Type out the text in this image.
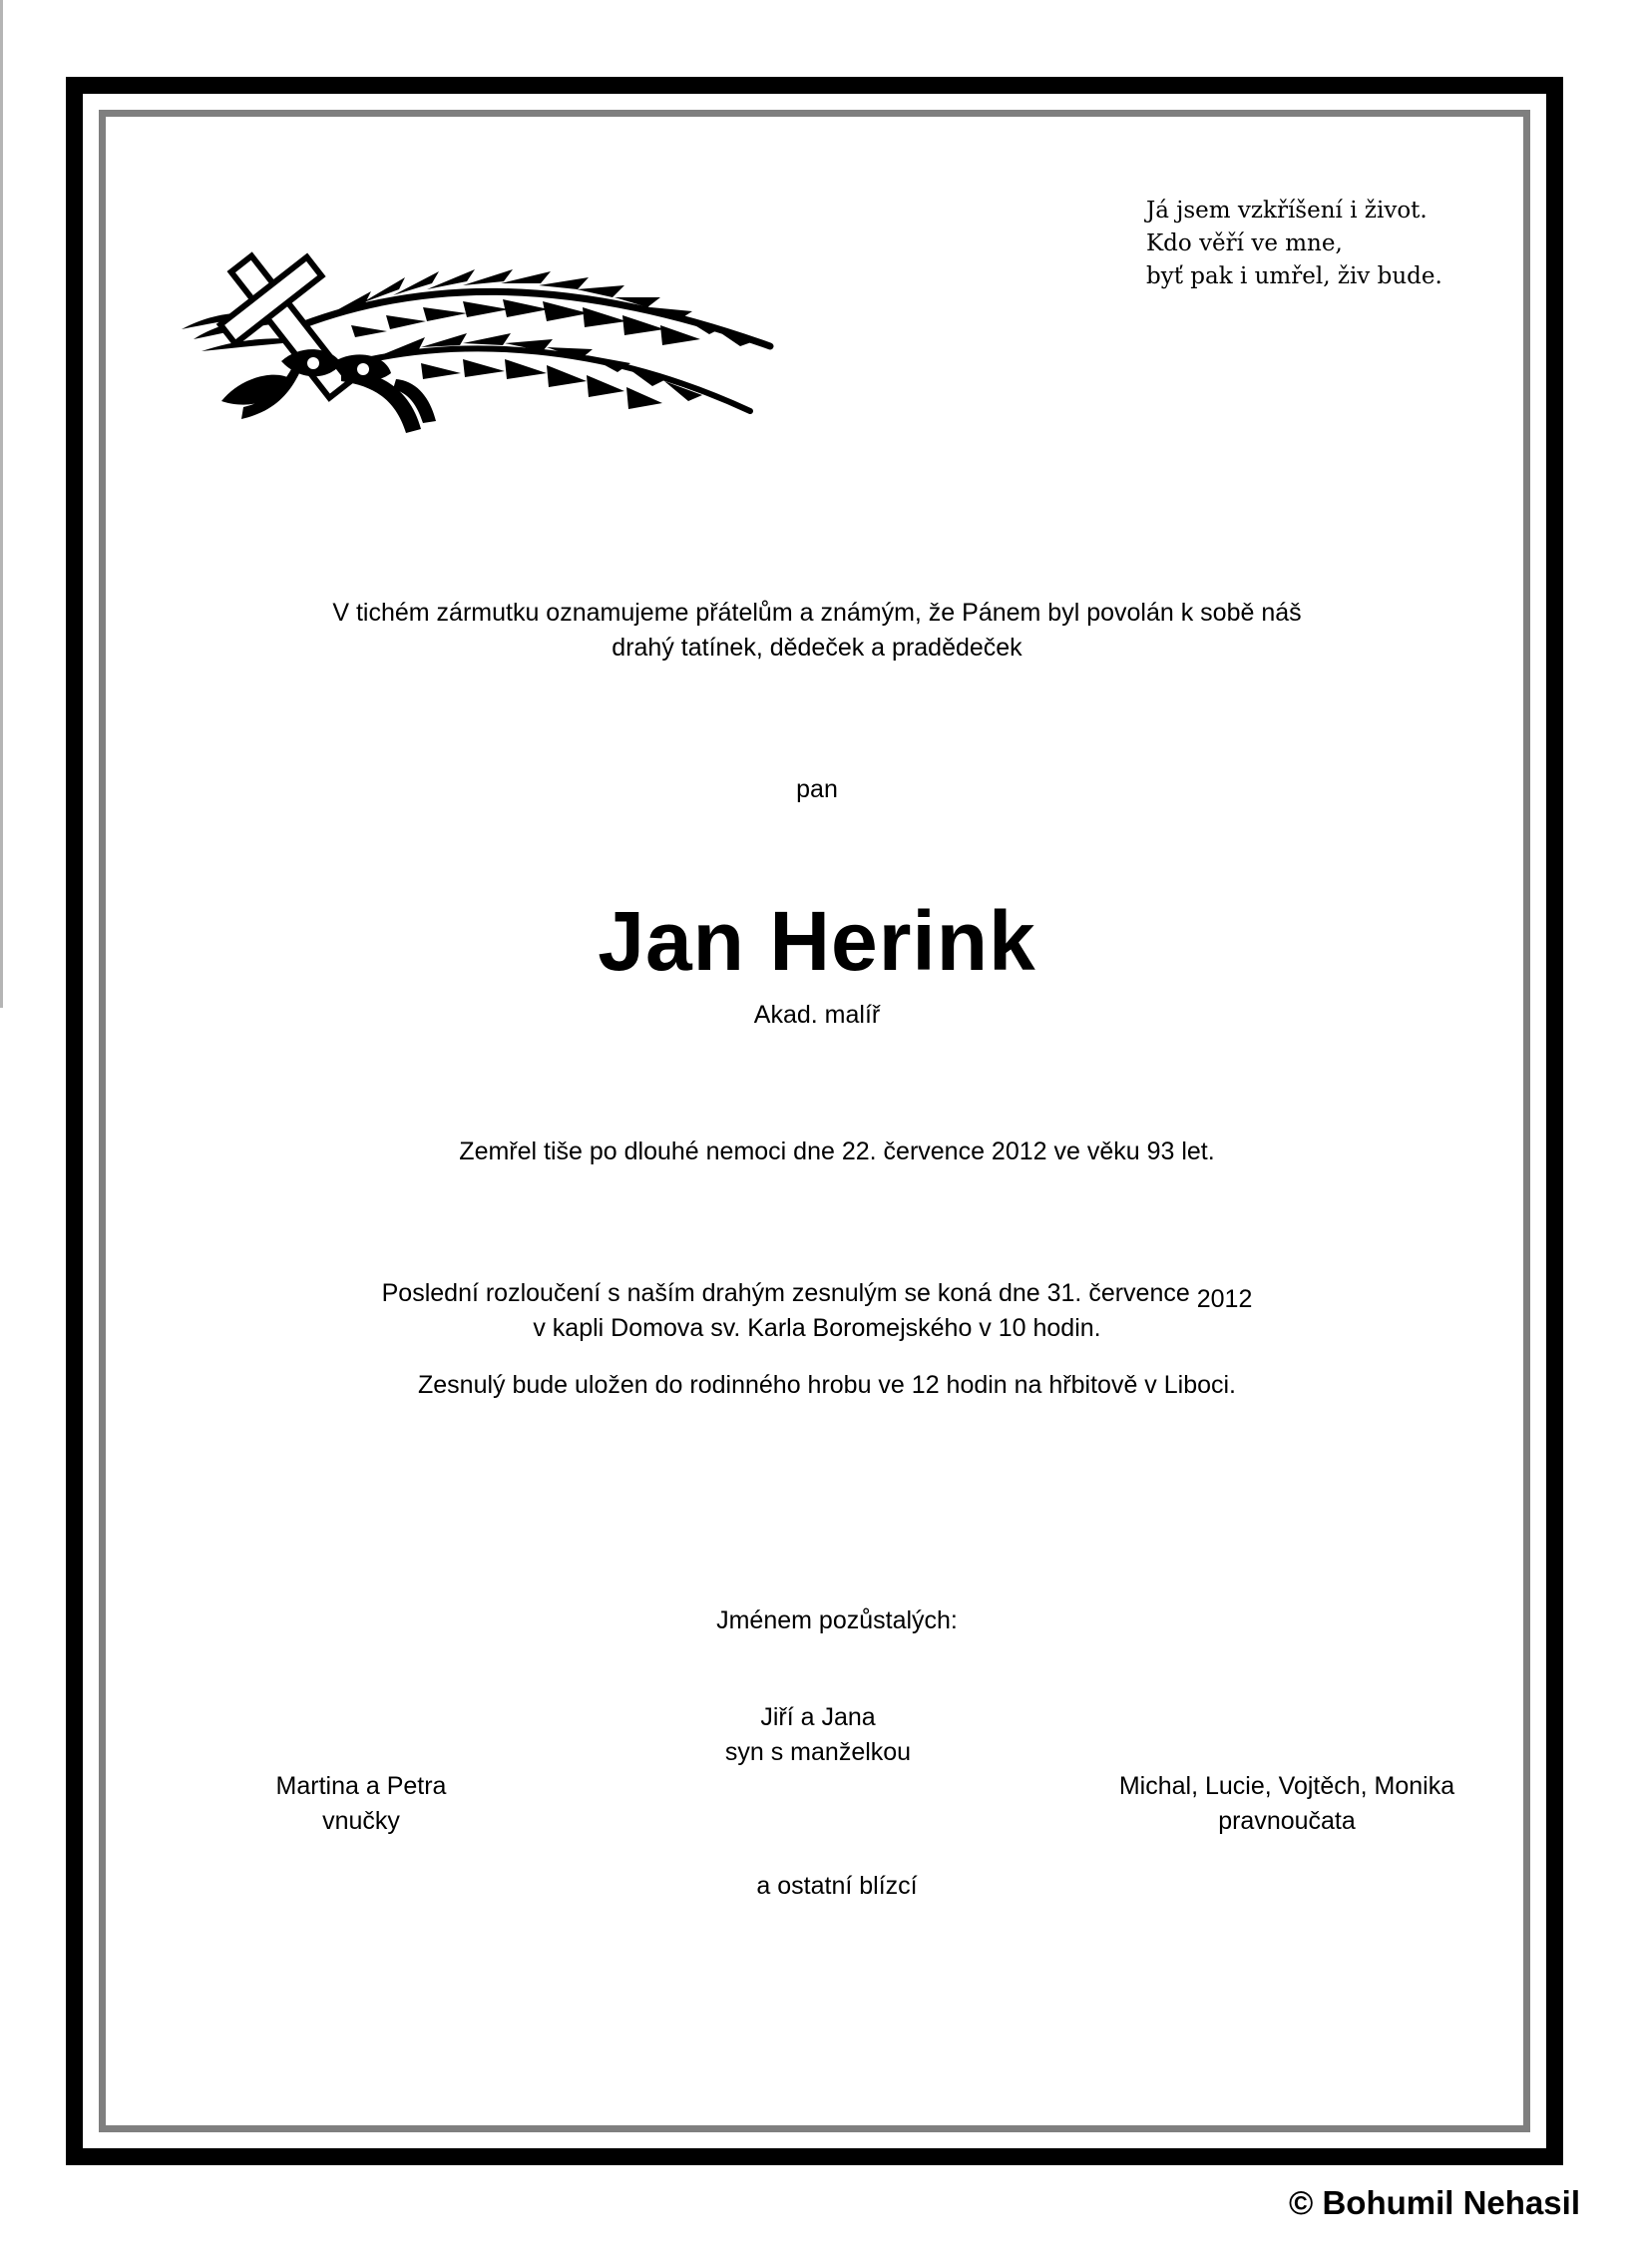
Já jsem vzkříšení i život.
Kdo věří ve mne,
byť pak i umřel, živ bude.
V tichém zármutku oznamujeme přátelům a známým, že Pánem byl povolán k sobě náš
drahý tatínek, dědeček a pradědeček
pan
Jan Herink
Akad. malíř
Zemřel tiše po dlouhé nemoci dne 22. července 2012 ve věku 93 let.
Poslední rozloučení s naším drahým zesnulým se koná dne 31. července 2012
v kapli Domova sv. Karla Boromejského v 10 hodin.
Zesnulý bude uložen do rodinného hrobu ve 12 hodin na hřbitově v Liboci.
Jménem pozůstalých:
Jiří a Jana
syn s manželkou
Martina a Petra
vnučky
Michal, Lucie, Vojtěch, Monika
pravnoučata
a ostatní blízcí
© Bohumil Nehasil
